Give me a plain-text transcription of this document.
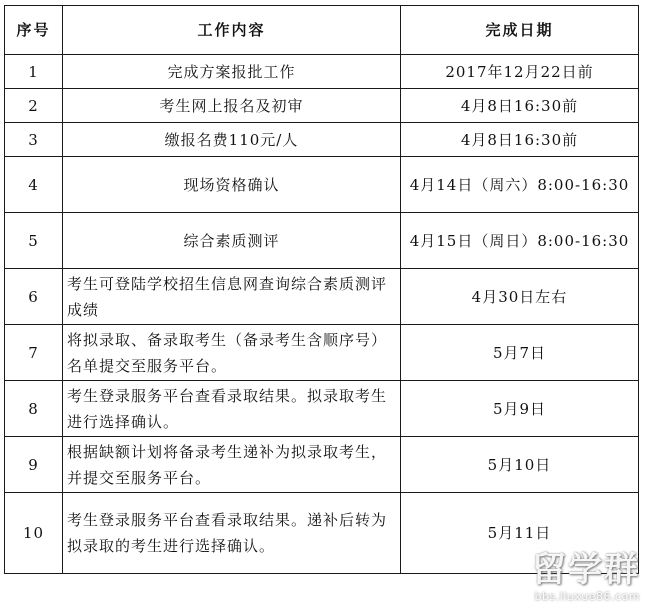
序号	工作内容	完成日期
1	完成方案报批工作	2017年12月22日前
2	考生网上报名及初审	4月8日16:30前
3	缴报名费110元/人	4月8日16:30前
4	现场资格确认	4月14日（周六）8:00-16:30
5	综合素质测评	4月15日（周日）8:00-16:30
6	考生可登陆学校招生信息网查询综合素质测评成绩	4月30日左右
7	将拟录取、备录取考生（备录考生含顺序号）名单提交至服务平台。	5月7日
8	考生登录服务平台查看录取结果。拟录取考生进行选择确认。	5月9日
9	根据缺额计划将备录考生递补为拟录取考生，并提交至服务平台。	5月10日
10	考生登录服务平台查看录取结果。递补后转为拟录取的考生进行选择确认。	5月11日
留学群
bbs.liuxue86.com
